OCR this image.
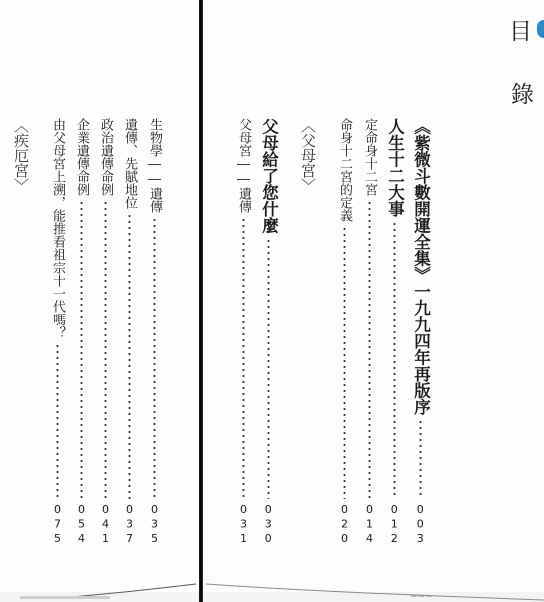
~~~
目
錄
《紫微斗數開運全集》一九九四年再版序
003
人生十二大事
012
定命身十二宮
014
命身十二宮的定義
020
〈父母宮〉
父母給了您什麼
030
父母宮――遺傳
031
生物學――遺傳
035
遺傳、先賦地位
037
政治遺傳命例
041
企業遺傳命例
054
由父母宮上溯，能推看祖宗十一代嗎？
075
〈疾厄宮〉
